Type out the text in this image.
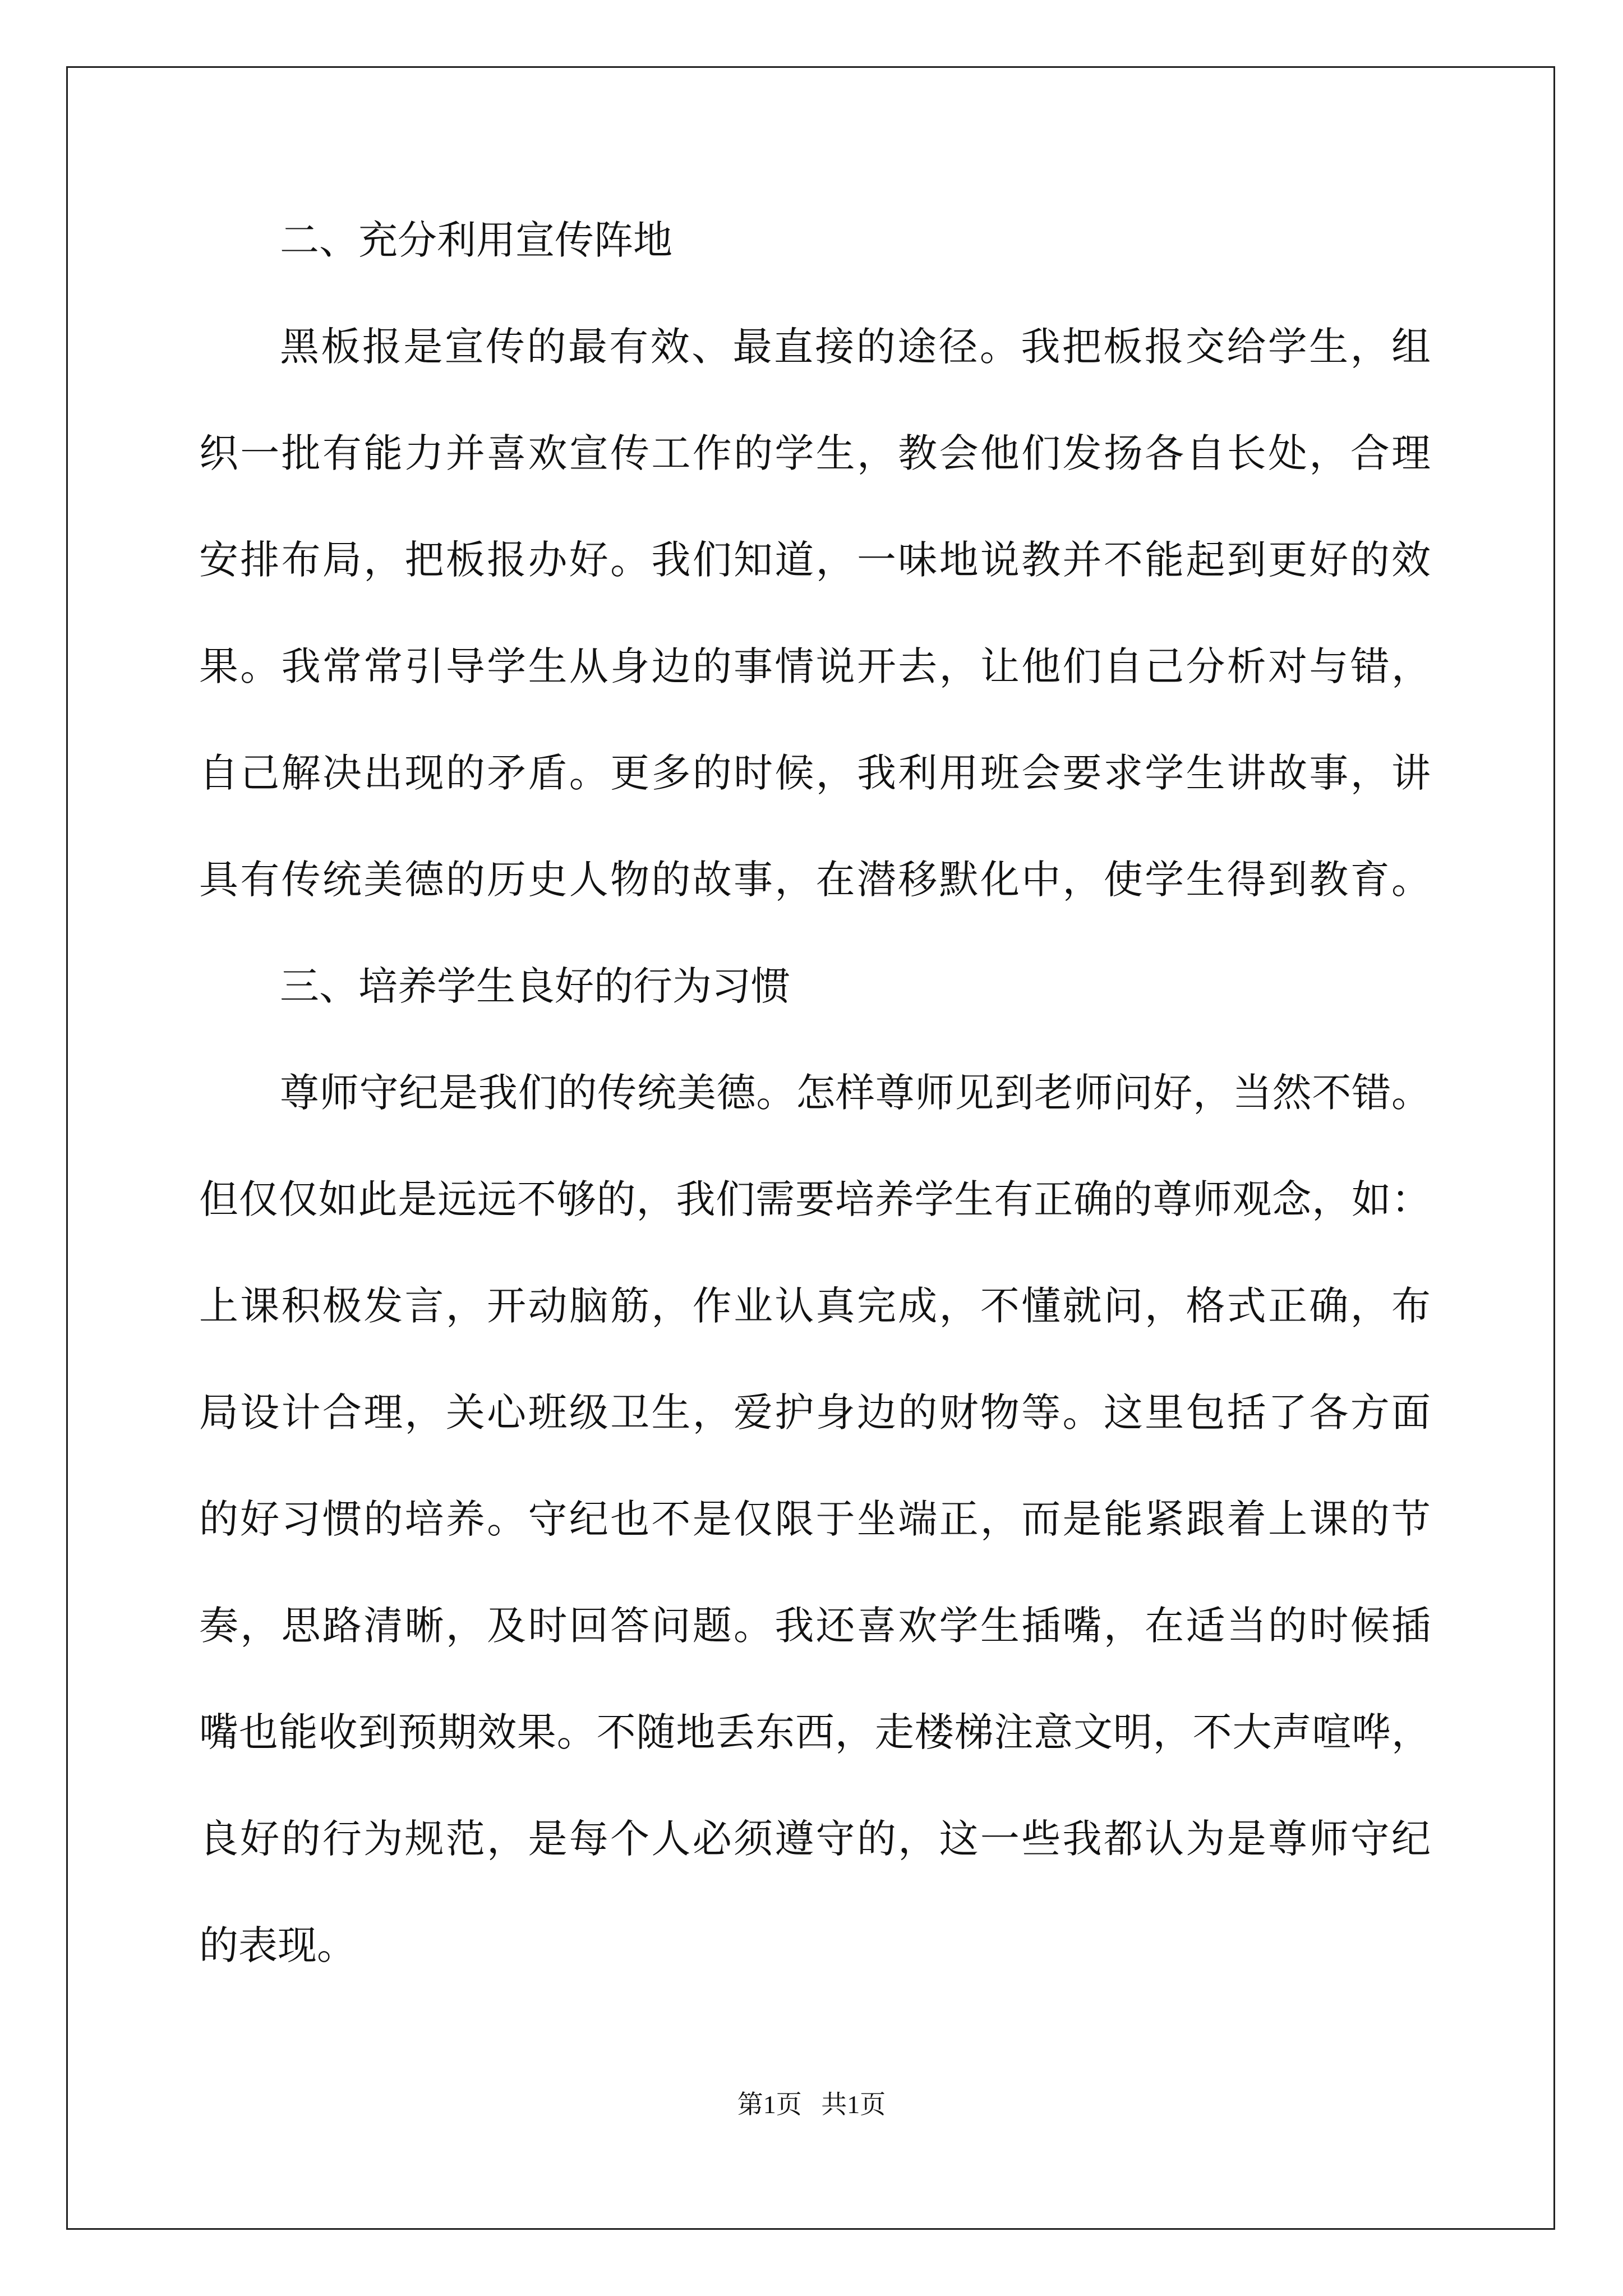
二、充分利用宣传阵地
黑板报是宣传的最有效、最直接的途径。我把板报交给学生，组
织一批有能力并喜欢宣传工作的学生，教会他们发扬各自长处，合理
安排布局，把板报办好。我们知道，一味地说教并不能起到更好的效
果。我常常引导学生从身边的事情说开去，让他们自己分析对与错，
自己解决出现的矛盾。更多的时候，我利用班会要求学生讲故事，讲
具有传统美德的历史人物的故事，在潜移默化中，使学生得到教育。
三、培养学生良好的行为习惯
尊师守纪是我们的传统美德。怎样尊师见到老师问好，当然不错。
但仅仅如此是远远不够的，我们需要培养学生有正确的尊师观念，如：
上课积极发言，开动脑筋，作业认真完成，不懂就问，格式正确，布
局设计合理，关心班级卫生，爱护身边的财物等。这里包括了各方面
的好习惯的培养。守纪也不是仅限于坐端正，而是能紧跟着上课的节
奏，思路清晰，及时回答问题。我还喜欢学生插嘴，在适当的时候插
嘴也能收到预期效果。不随地丢东西，走楼梯注意文明，不大声喧哗，
良好的行为规范，是每个人必须遵守的，这一些我都认为是尊师守纪
的表现。
第1页 共1页
